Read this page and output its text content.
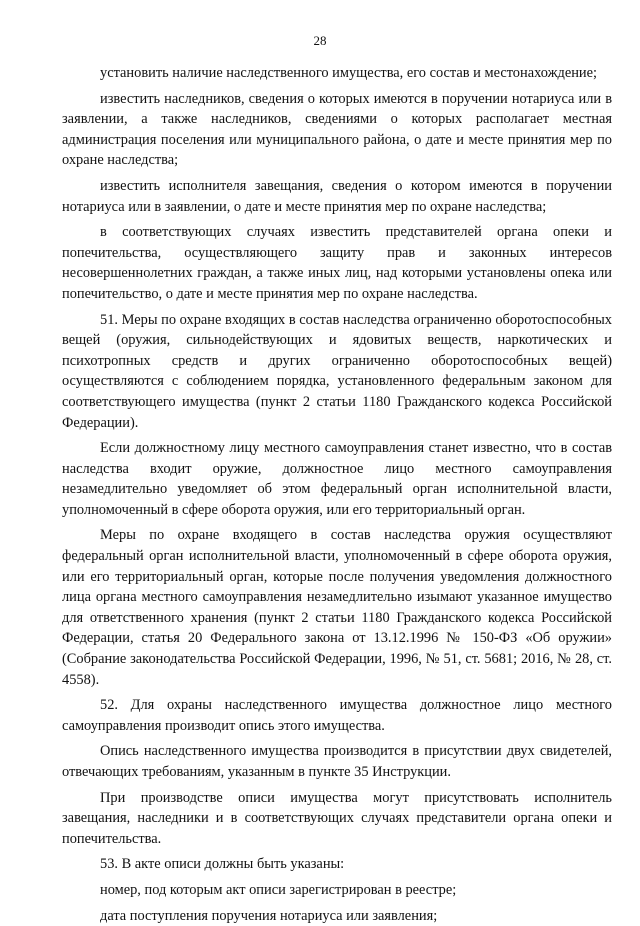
28

установить наличие наследственного имущества, его состав и местонахождение;

известить наследников, сведения о которых имеются в поручении нотариуса или в заявлении, а также наследников, сведениями о которых располагает местная администрация поселения или муниципального района, о дате и месте принятия мер по охране наследства;

известить исполнителя завещания, сведения о котором имеются в поручении нотариуса или в заявлении, о дате и месте принятия мер по охране наследства;

в соответствующих случаях известить представителей органа опеки и попечительства, осуществляющего защиту прав и законных интересов несовершеннолетних граждан, а также иных лиц, над которыми установлены опека или попечительство, о дате и месте принятия мер по охране наследства.

51. Меры по охране входящих в состав наследства ограниченно оборотоспособных вещей (оружия, сильнодействующих и ядовитых веществ, наркотических и психотропных средств и других ограниченно оборотоспособных вещей) осуществляются с соблюдением порядка, установленного федеральным законом для соответствующего имущества (пункт 2 статьи 1180 Гражданского кодекса Российской Федерации).

Если должностному лицу местного самоуправления станет известно, что в состав наследства входит оружие, должностное лицо местного самоуправления незамедлительно уведомляет об этом федеральный орган исполнительной власти, уполномоченный в сфере оборота оружия, или его территориальный орган.

Меры по охране входящего в состав наследства оружия осуществляют федеральный орган исполнительной власти, уполномоченный в сфере оборота оружия, или его территориальный орган, которые после получения уведомления должностного лица органа местного самоуправления незамедлительно изымают указанное имущество для ответственного хранения (пункт 2 статьи 1180 Гражданского кодекса Российской Федерации, статья 20 Федерального закона от 13.12.1996 № 150-ФЗ «Об оружии» (Собрание законодательства Российской Федерации, 1996, № 51, ст. 5681; 2016, № 28, ст. 4558).

52. Для охраны наследственного имущества должностное лицо местного самоуправления производит опись этого имущества.

Опись наследственного имущества производится в присутствии двух свидетелей, отвечающих требованиям, указанным в пункте 35 Инструкции.

При производстве описи имущества могут присутствовать исполнитель завещания, наследники и в соответствующих случаях представители органа опеки и попечительства.

53. В акте описи должны быть указаны:

номер, под которым акт описи зарегистрирован в реестре;

дата поступления поручения нотариуса или заявления;
